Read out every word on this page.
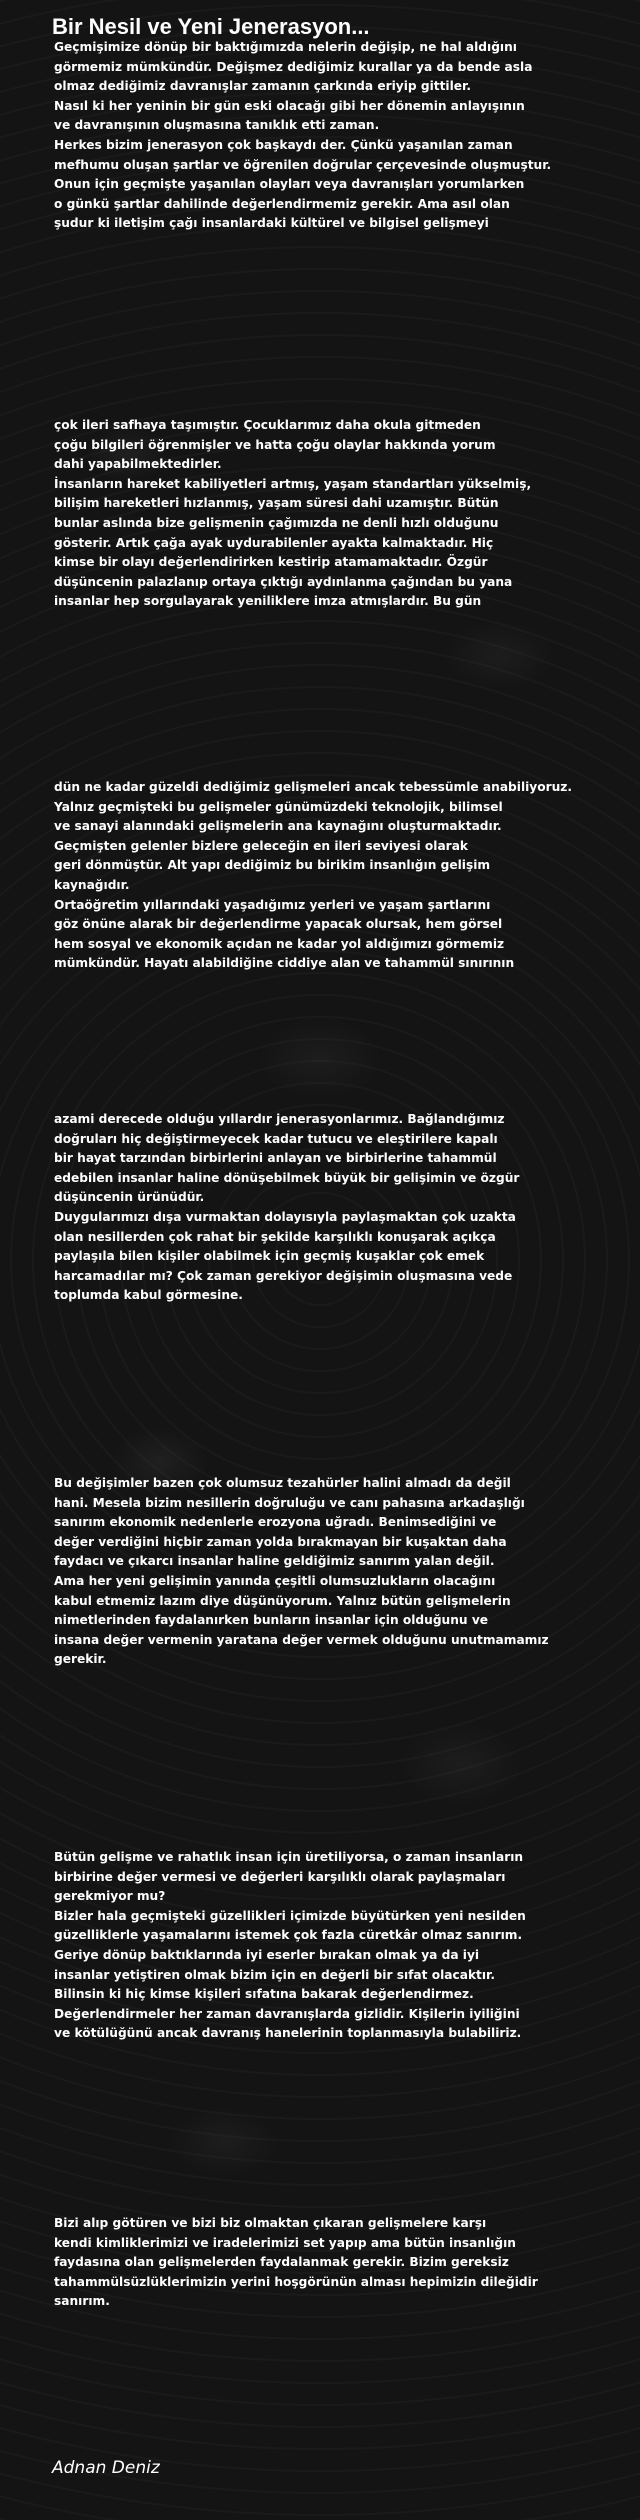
Bir Nesil ve Yeni Jenerasyon...
Geçmişimize dönüp bir baktığımızda nelerin değişip, ne hal aldığını
görmemiz mümkündür. Değişmez dediğimiz kurallar ya da bende asla
olmaz dediğimiz davranışlar zamanın çarkında eriyip gittiler.
Nasıl ki her yeninin bir gün eski olacağı gibi her dönemin anlayışının
ve davranışının oluşmasına tanıklık etti zaman.
Herkes bizim jenerasyon çok başkaydı der. Çünkü yaşanılan zaman
mefhumu oluşan şartlar ve öğrenilen doğrular çerçevesinde oluşmuştur.
Onun için geçmişte yaşanılan olayları veya davranışları yorumlarken
o günkü şartlar dahilinde değerlendirmemiz gerekir. Ama asıl olan
şudur ki iletişim çağı insanlardaki kültürel ve bilgisel gelişmeyi
çok ileri safhaya taşımıştır. Çocuklarımız daha okula gitmeden
çoğu bilgileri öğrenmişler ve hatta çoğu olaylar hakkında yorum
dahi yapabilmektedirler.
İnsanların hareket kabiliyetleri artmış, yaşam standartları yükselmiş,
bilişim hareketleri hızlanmış, yaşam süresi dahi uzamıştır. Bütün
bunlar aslında bize gelişmenin çağımızda ne denli hızlı olduğunu
gösterir. Artık çağa ayak uydurabilenler ayakta kalmaktadır. Hiç
kimse bir olayı değerlendirirken kestirip atamamaktadır. Özgür
düşüncenin palazlanıp ortaya çıktığı aydınlanma çağından bu yana
insanlar hep sorgulayarak yeniliklere imza atmışlardır. Bu gün
dün ne kadar güzeldi dediğimiz gelişmeleri ancak tebessümle anabiliyoruz.
Yalnız geçmişteki bu gelişmeler günümüzdeki teknolojik, bilimsel
ve sanayi alanındaki gelişmelerin ana kaynağını oluşturmaktadır.
Geçmişten gelenler bizlere geleceğin en ileri seviyesi olarak
geri dönmüştür. Alt yapı dediğimiz bu birikim insanlığın gelişim
kaynağıdır.
Ortaöğretim yıllarındaki yaşadığımız yerleri ve yaşam şartlarını
göz önüne alarak bir değerlendirme yapacak olursak, hem görsel
hem sosyal ve ekonomik açıdan ne kadar yol aldığımızı görmemiz
mümkündür. Hayatı alabildiğine ciddiye alan ve tahammül sınırının
azami derecede olduğu yıllardır jenerasyonlarımız. Bağlandığımız
doğruları hiç değiştirmeyecek kadar tutucu ve eleştirilere kapalı
bir hayat tarzından birbirlerini anlayan ve birbirlerine tahammül
edebilen insanlar haline dönüşebilmek büyük bir gelişimin ve özgür
düşüncenin ürünüdür.
Duygularımızı dışa vurmaktan dolayısıyla paylaşmaktan çok uzakta
olan nesillerden çok rahat bir şekilde karşılıklı konuşarak açıkça
paylaşıla bilen kişiler olabilmek için geçmiş kuşaklar çok emek
harcamadılar mı? Çok zaman gerekiyor değişimin oluşmasına vede
toplumda kabul görmesine.
Bu değişimler bazen çok olumsuz tezahürler halini almadı da değil
hani. Mesela bizim nesillerin doğruluğu ve canı pahasına arkadaşlığı
sanırım ekonomik nedenlerle erozyona uğradı. Benimsediğini ve
değer verdiğini hiçbir zaman yolda bırakmayan bir kuşaktan daha
faydacı ve çıkarcı insanlar haline geldiğimiz sanırım yalan değil.
Ama her yeni gelişimin yanında çeşitli olumsuzlukların olacağını
kabul etmemiz lazım diye düşünüyorum. Yalnız bütün gelişmelerin
nimetlerinden faydalanırken bunların insanlar için olduğunu ve
insana değer vermenin yaratana değer vermek olduğunu unutmamamız
gerekir.
Bütün gelişme ve rahatlık insan için üretiliyorsa, o zaman insanların
birbirine değer vermesi ve değerleri karşılıklı olarak paylaşmaları
gerekmiyor mu?
Bizler hala geçmişteki güzellikleri içimizde büyütürken yeni nesilden
güzelliklerle yaşamalarını istemek çok fazla cüretkâr olmaz sanırım.
Geriye dönüp baktıklarında iyi eserler bırakan olmak ya da iyi
insanlar yetiştiren olmak bizim için en değerli bir sıfat olacaktır.
Bilinsin ki hiç kimse kişileri sıfatına bakarak değerlendirmez.
Değerlendirmeler her zaman davranışlarda gizlidir. Kişilerin iyiliğini
ve kötülüğünü ancak davranış hanelerinin toplanmasıyla bulabiliriz.
Bizi alıp götüren ve bizi biz olmaktan çıkaran gelişmelere karşı
kendi kimliklerimizi ve iradelerimizi set yapıp ama bütün insanlığın
faydasına olan gelişmelerden faydalanmak gerekir. Bizim gereksiz
tahammülsüzlüklerimizin yerini hoşgörünün alması hepimizin dileğidir
sanırım.
Adnan Deniz
